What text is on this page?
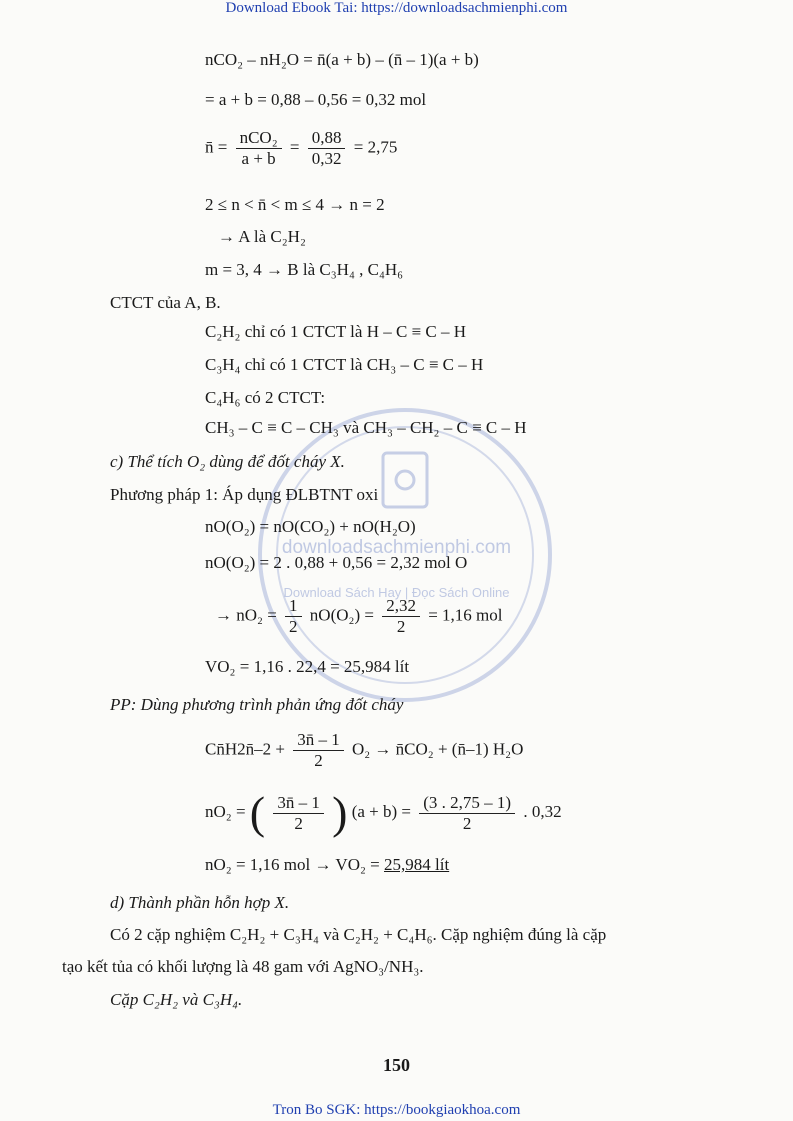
Download Ebook Tai: https://downloadsachmienphi.com
downloadsachmienphi.com
Download Sách Hay | Đọc Sách Online
nCO₂ – nH₂O = n̄(a + b) – (n̄ – 1)(a + b)
= a + b = 0,88 – 0,56 = 0,32 mol
n̄ = $\frac{\text{nCO₂}}{a + b} = \frac{0,88}{0,32} = 2,75$
2 ≤ n < n̄ < m ≤ 4 → n = 2
→ A là C₂H₂
m = 3, 4 → B là C₃H₄ , C₄H₆
CTCT của A, B.
C₂H₂ chỉ có 1 CTCT là H – C ≡ C – H
C₃H₄ chỉ có 1 CTCT là CH₃ – C ≡ C – H
C₄H₆ có 2 CTCT:
CH₃ – C ≡ C – CH₃ và CH₃ – CH₂ – C ≡ C – H
c) Thể tích O₂ dùng để đốt cháy X.
Phương pháp 1: Áp dụng ĐLBTNT oxi
nO(O₂) = nO(CO₂) + nO(H₂O)
nO(O₂) = 2 . 0,88 + 0,56 = 2,32 mol O
→ $nO_2 = \frac{1}{2} nO(O_2) = \frac{2,32}{2} = 1,16$ mol
VO₂ = 1,16 . 22,4 = 25,984 lít
PP: Dùng phương trình phản ứng đốt cháy
Cn̄H2n̄–2 + $\frac{3n̄ - 1}{2} O_2$ → n̄CO₂ + (n̄–1) H₂O
nO₂ = ( $\frac{3n̄ - 1}{2}$ ) $(a + b) = \frac{(3 . 2,75 - 1)}{2}$ . 0,32
nO₂ = 1,16 mol → VO₂ = 25,984 lít
d) Thành phần hỗn hợp X.
Có 2 cặp nghiệm C₂H₂ + C₃H₄ và C₂H₂ + C₄H₆. Cặp nghiệm đúng là cặp
tạo kết tủa có khối lượng là 48 gam với AgNO₃/NH₃.
Cặp C₂H₂ và C₃H₄.
150
Tron Bo SGK: https://bookgiaokhoa.com
